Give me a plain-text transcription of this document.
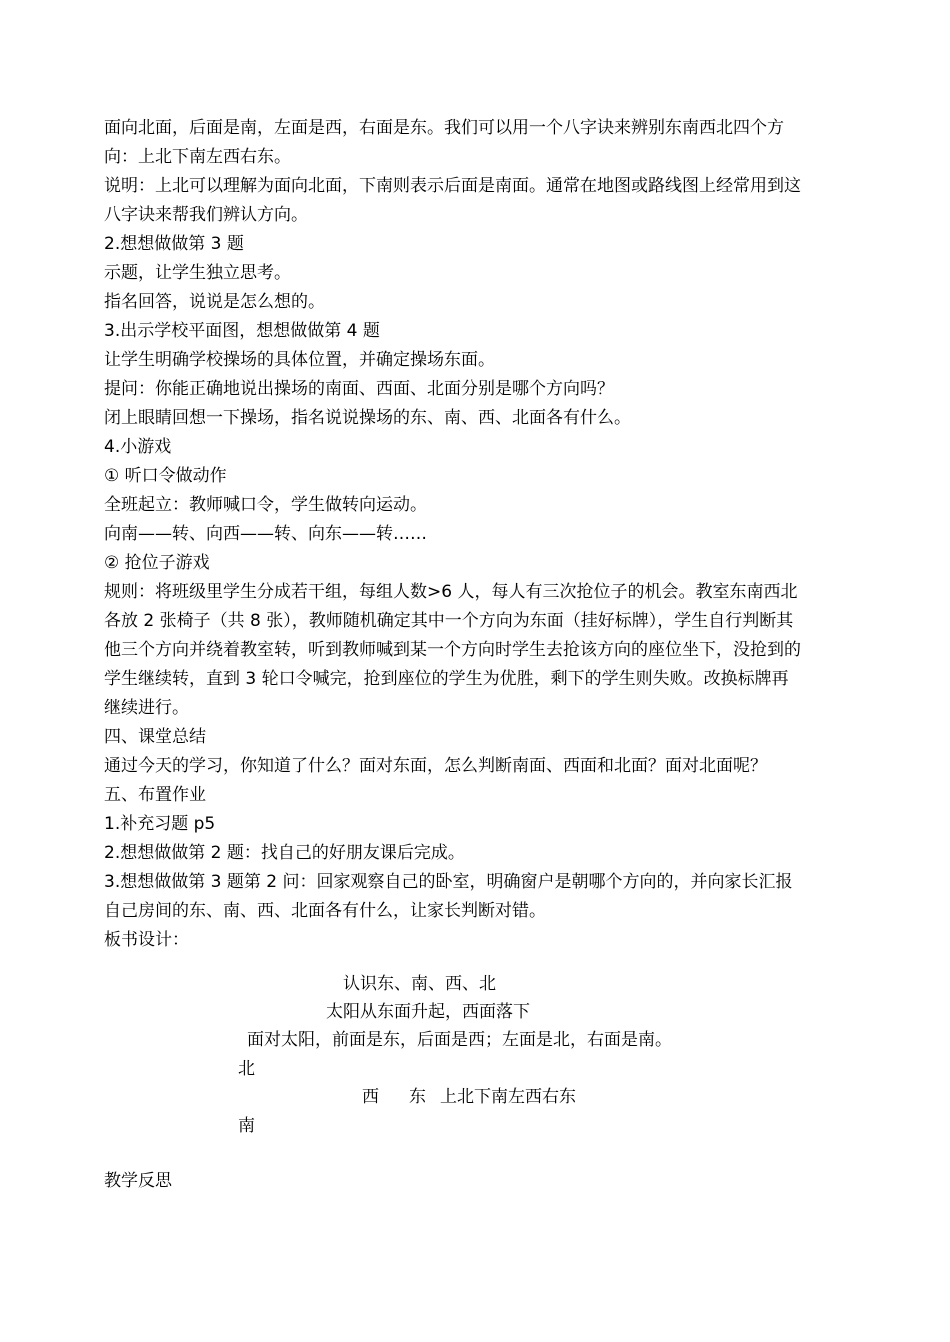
面向北面，后面是南，左面是西，右面是东。我们可以用一个八字诀来辨别东南西北四个方向：上北下南左西右东。

说明：上北可以理解为面向北面，下南则表示后面是南面。通常在地图或路线图上经常用到这八字诀来帮我们辨认方向。

2.想想做做第 3 题

示题，让学生独立思考。

指名回答，说说是怎么想的。

3.出示学校平面图，想想做做第 4 题

让学生明确学校操场的具体位置，并确定操场东面。

提问：你能正确地说出操场的南面、西面、北面分别是哪个方向吗？

闭上眼睛回想一下操场，指名说说操场的东、南、西、北面各有什么。

4.小游戏

① 听口令做动作

全班起立：教师喊口令，学生做转向运动。

向南——转、向西——转、向东——转……

② 抢位子游戏

规则：将班级里学生分成若干组，每组人数>6 人，每人有三次抢位子的机会。教室东南西北各放 2 张椅子（共 8 张），教师随机确定其中一个方向为东面（挂好标牌），学生自行判断其他三个方向并绕着教室转，听到教师喊到某一个方向时学生去抢该方向的座位坐下，没抢到的学生继续转，直到 3 轮口令喊完，抢到座位的学生为优胜，剩下的学生则失败。改换标牌再继续进行。

四、课堂总结

通过今天的学习，你知道了什么？面对东面，怎么判断南面、西面和北面？面对北面呢？

五、布置作业

1.补充习题 p5

2.想想做做第 2 题：找自己的好朋友课后完成。

3.想想做做第 3 题第 2 问：回家观察自己的卧室，明确窗户是朝哪个方向的，并向家长汇报自己房间的东、南、西、北面各有什么，让家长判断对错。

板书设计：

认识东、南、西、北
太阳从东面升起，西面落下
面对太阳，前面是东，后面是西；左面是北，右面是南。
北
西 东 上北下南左西右东
南
教学反思
